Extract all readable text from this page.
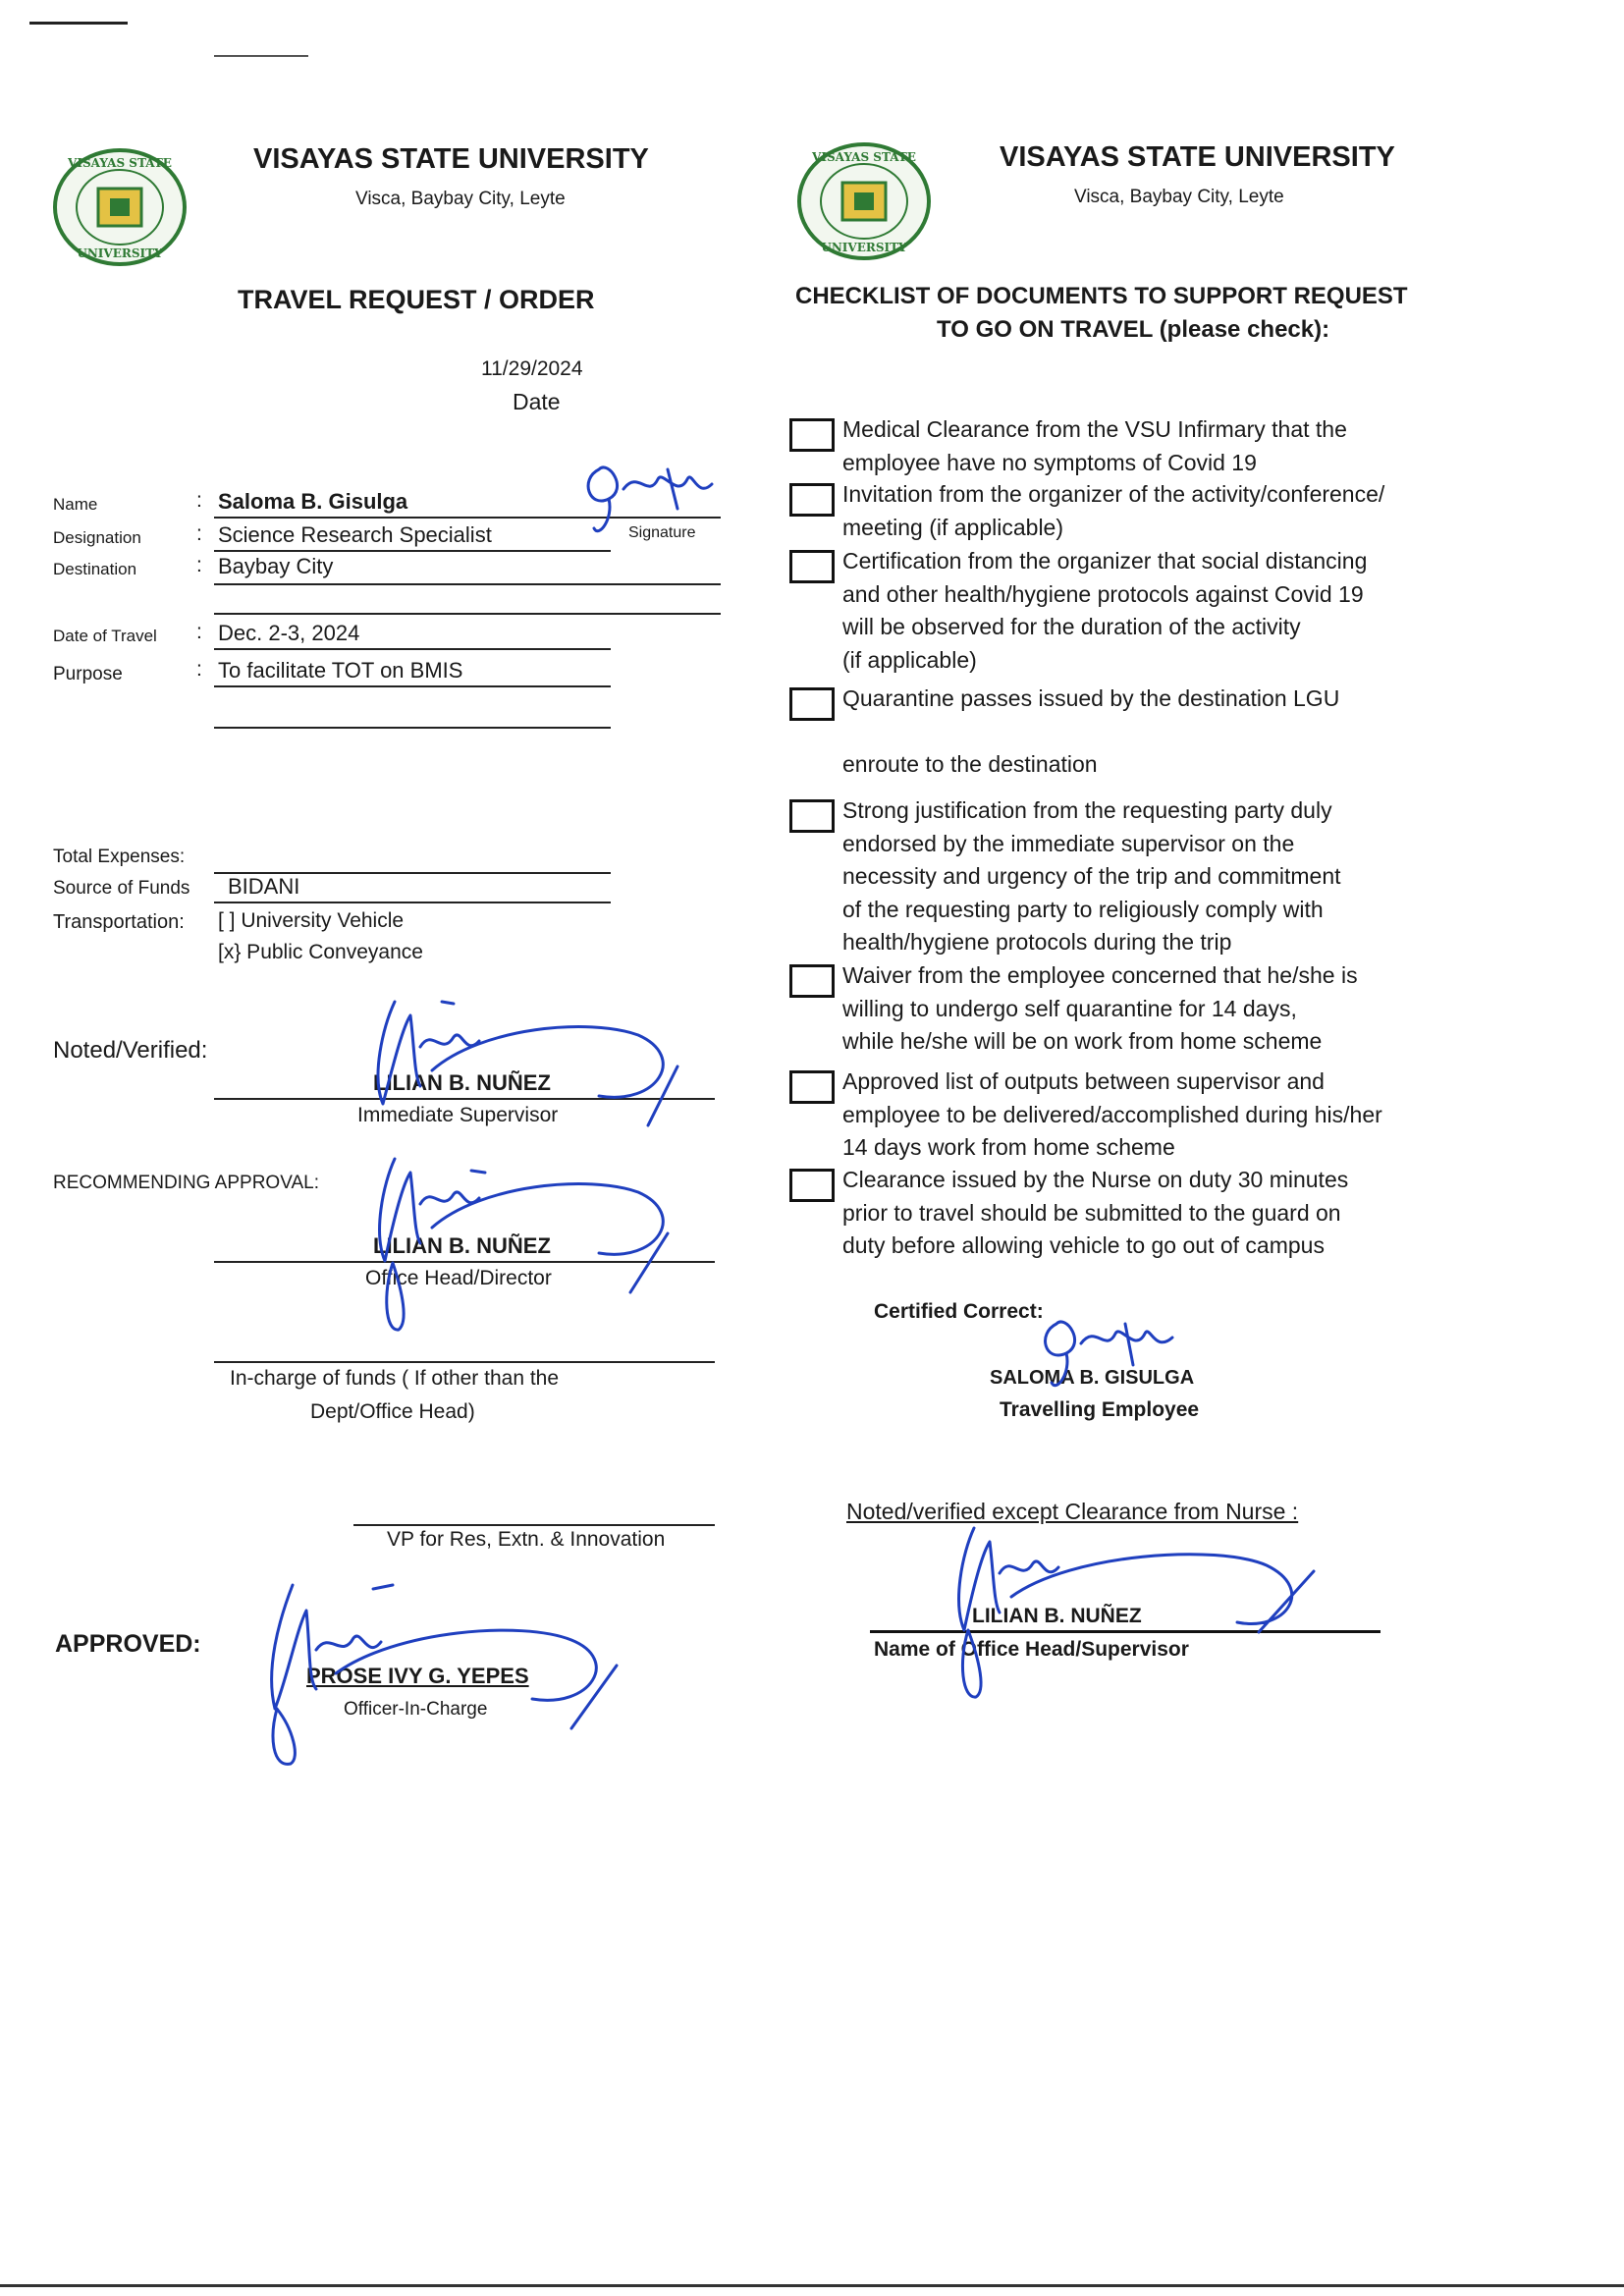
VISAYAS STATE
UNIVERSITY
VISAYAS STATE UNIVERSITY
Visca, Baybay City, Leyte
TRAVEL REQUEST / ORDER
11/29/2024
Date
Name	: Saloma B. Gisulga
Designation	: Science Research Specialist	Signature
Destination	: Baybay City
Date of Travel : Dec. 2-3, 2024
Purpose	: To facilitate TOT on BMIS
Total Expenses:
Source of Funds BIDANI
Transportation: [ ] University Vehicle
[x} Public Conveyance
Noted/Verified:
LILIAN B. NUÑEZ
Immediate Supervisor
RECOMMENDING APPROVAL:
LILIAN B. NUÑEZ
Office Head/Director
In-charge of funds ( If other than the
Dept/Office Head)
VP for Res, Extn. & Innovation
APPROVED:
PROSE IVY G. YEPES
Officer-In-Charge
VISAYAS STATE
UNIVERSITY
VISAYAS STATE UNIVERSITY
Visca, Baybay City, Leyte
CHECKLIST OF DOCUMENTS TO SUPPORT REQUEST
TO GO ON TRAVEL (please check):
Medical Clearance from the VSU Infirmary that the
employee have no symptoms of Covid 19
Invitation from the organizer of the activity/conference/
meeting (if applicable)
Certification from the organizer that social distancing
and other health/hygiene protocols against Covid 19
will be observed for the duration of the activity
(if applicable)
Quarantine passes issued by the destination LGU
enroute to the destination
Strong justification from the requesting party duly
endorsed by the immediate supervisor on the
necessity and urgency of the trip and commitment
of the requesting party to religiously comply with
health/hygiene protocols during the trip
Waiver from the employee concerned that he/she is
willing to undergo self quarantine for 14 days,
while he/she will be on work from home scheme
Approved list of outputs between supervisor and
employee to be delivered/accomplished during his/her
14 days work from home scheme
Clearance issued by the Nurse on duty 30 minutes
prior to travel should be submitted to the guard on
duty before allowing vehicle to go out of campus
Certified Correct:
SALOMA B. GISULGA
Travelling Employee
Noted/verified except Clearance from Nurse :
LILIAN B. NUÑEZ
Name of Office Head/Supervisor
